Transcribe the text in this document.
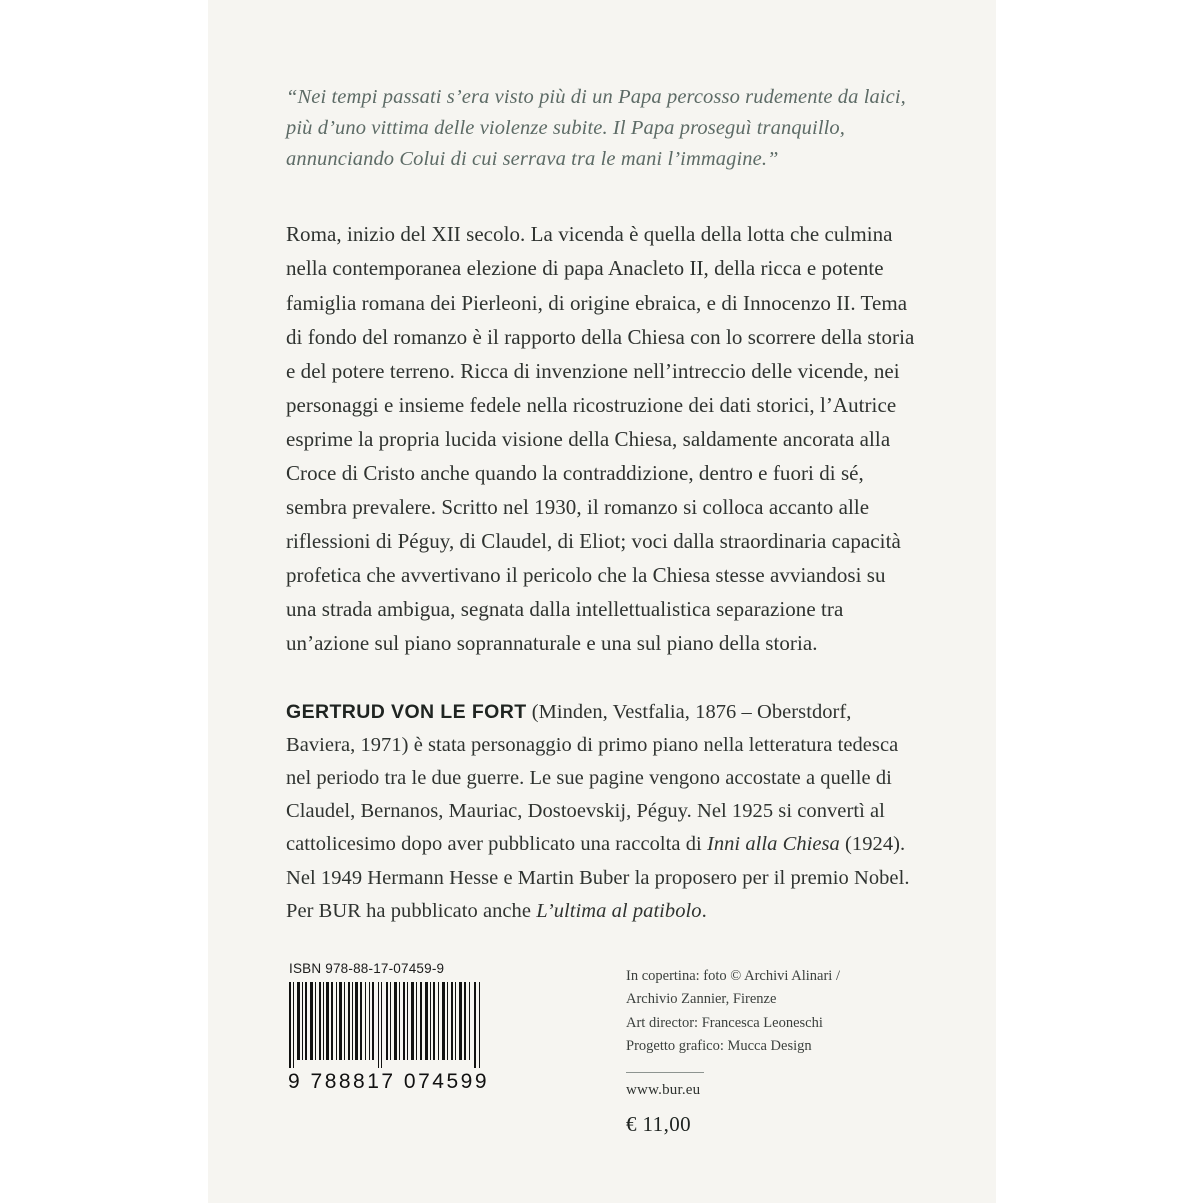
“Nei tempi passati s’era visto più di un Papa percosso rudemente da laici, più d’uno vittima delle violenze subite. Il Papa proseguì tranquillo, annunciando Colui di cui serrava tra le mani l’immagine.”

Roma, inizio del XII secolo. La vicenda è quella della lotta che culmina nella contemporanea elezione di papa Anacleto II, della ricca e potente famiglia romana dei Pierleoni, di origine ebraica, e di Innocenzo II. Tema di fondo del romanzo è il rapporto della Chiesa con lo scorrere della storia e del potere terreno. Ricca di invenzione nell’intreccio delle vicende, nei personaggi e insieme fedele nella ricostruzione dei dati storici, l’Autrice esprime la propria lucida visione della Chiesa, saldamente ancorata alla Croce di Cristo anche quando la contraddizione, dentro e fuori di sé, sembra prevalere. Scritto nel 1930, il romanzo si colloca accanto alle riflessioni di Péguy, di Claudel, di Eliot; voci dalla straordinaria capacità profetica che avvertivano il pericolo che la Chiesa stesse avviandosi su una strada ambigua, segnata dalla intellettualistica separazione tra un’azione sul piano soprannaturale e una sul piano della storia.

GERTRUD VON LE FORT (Minden, Vestfalia, 1876 – Oberstdorf, Baviera, 1971) è stata personaggio di primo piano nella letteratura tedesca nel periodo tra le due guerre. Le sue pagine vengono accostate a quelle di Claudel, Bernanos, Mauriac, Dostoevskij, Péguy. Nel 1925 si convertì al cattolicesimo dopo aver pubblicato una raccolta di Inni alla Chiesa (1924). Nel 1949 Hermann Hesse e Martin Buber la proposero per il premio Nobel. Per BUR ha pubblicato anche L’ultima al patibolo.

ISBN 978-88-17-07459-9
9 788817 074599
In copertina: foto © Archivi Alinari /
Archivio Zannier, Firenze
Art director: Francesca Leoneschi
Progetto grafico: Mucca Design
www.bur.eu
€ 11,00
